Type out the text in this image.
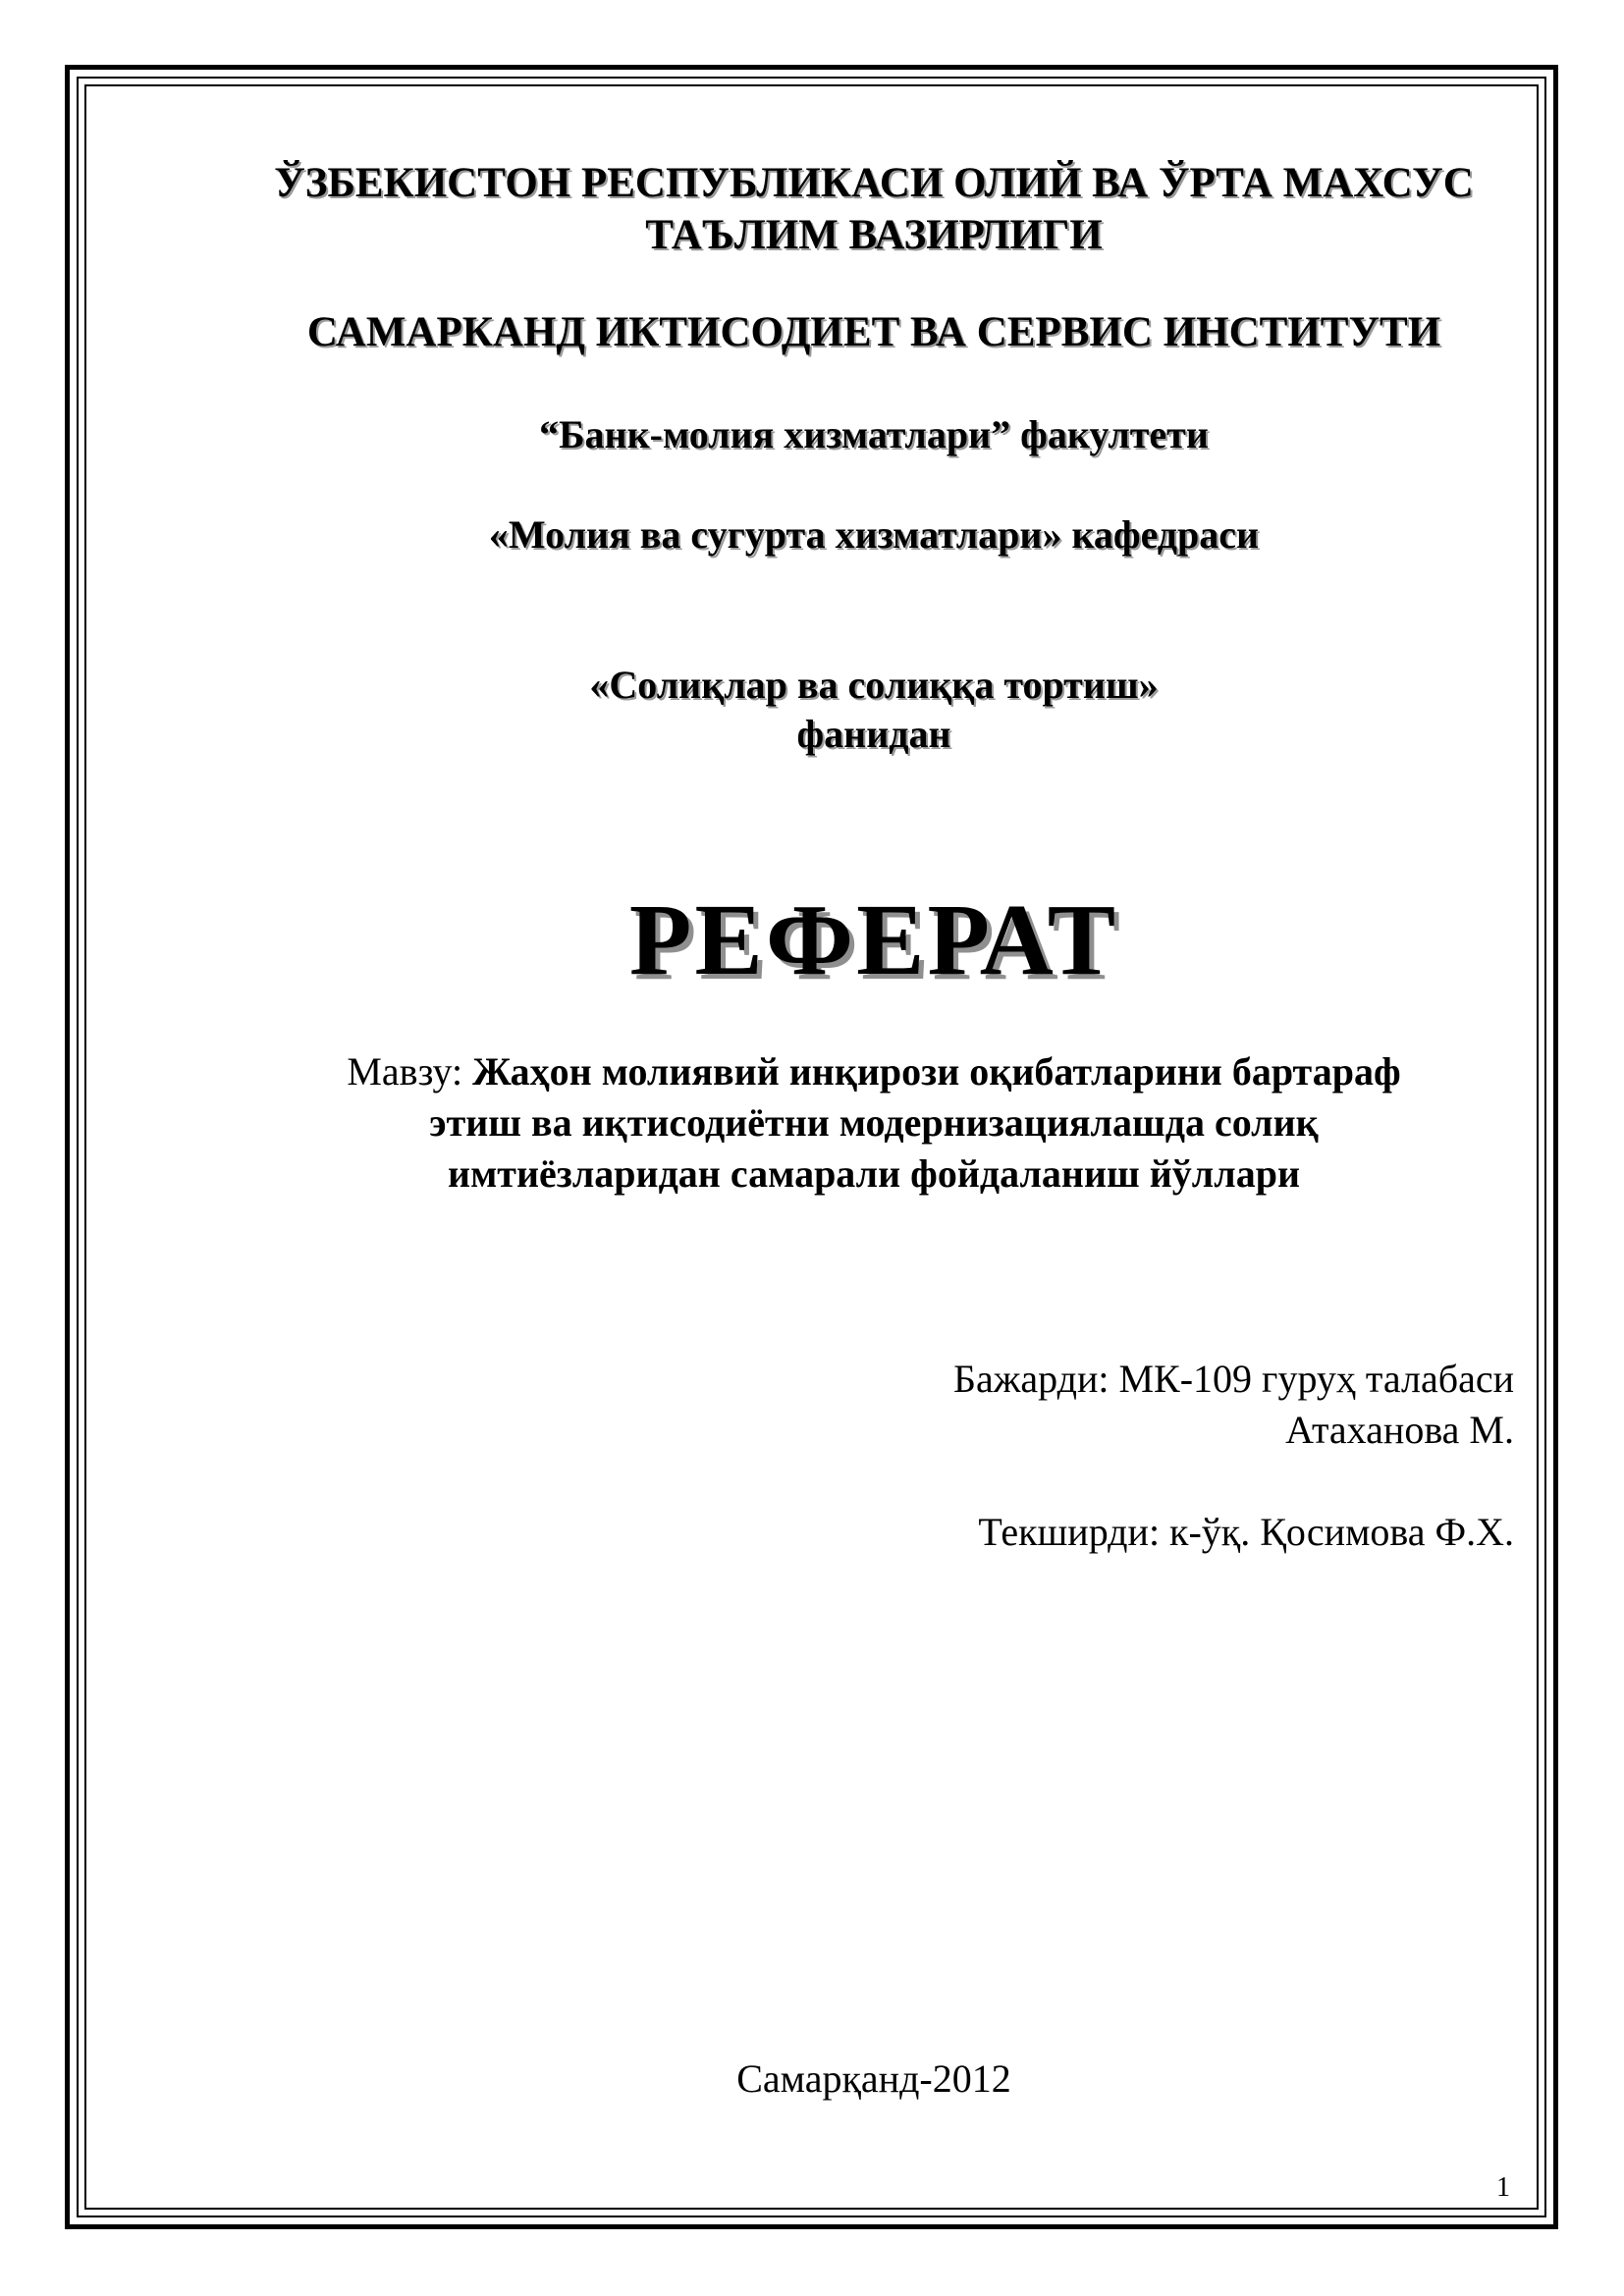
ЎЗБЕКИСТОН РЕСПУБЛИКАСИ ОЛИЙ ВА ЎРТА МАХСУС
ТАЪЛИМ ВАЗИРЛИГИ
САМАРКАНД ИКТИСОДИЕТ ВА СЕРВИС ИНСТИТУТИ
“Банк-молия хизматлари” факултети
«Молия ва сугурта хизматлари» кафедраси
«Солиқлар ва солиққа тортиш»
фанидан
РЕФЕРАТ
Мавзу: Жаҳон молиявий инқирози оқибатларини бартараф
этиш ва иқтисодиётни модернизациялашда солиқ
имтиёзларидан самарали фойдаланиш йўллари
Бажарди: МК-109 гуруҳ талабаси
Атаханова М.
Текширди: к-ўқ. Қосимова Ф.Х.
Самарқанд-2012
1
